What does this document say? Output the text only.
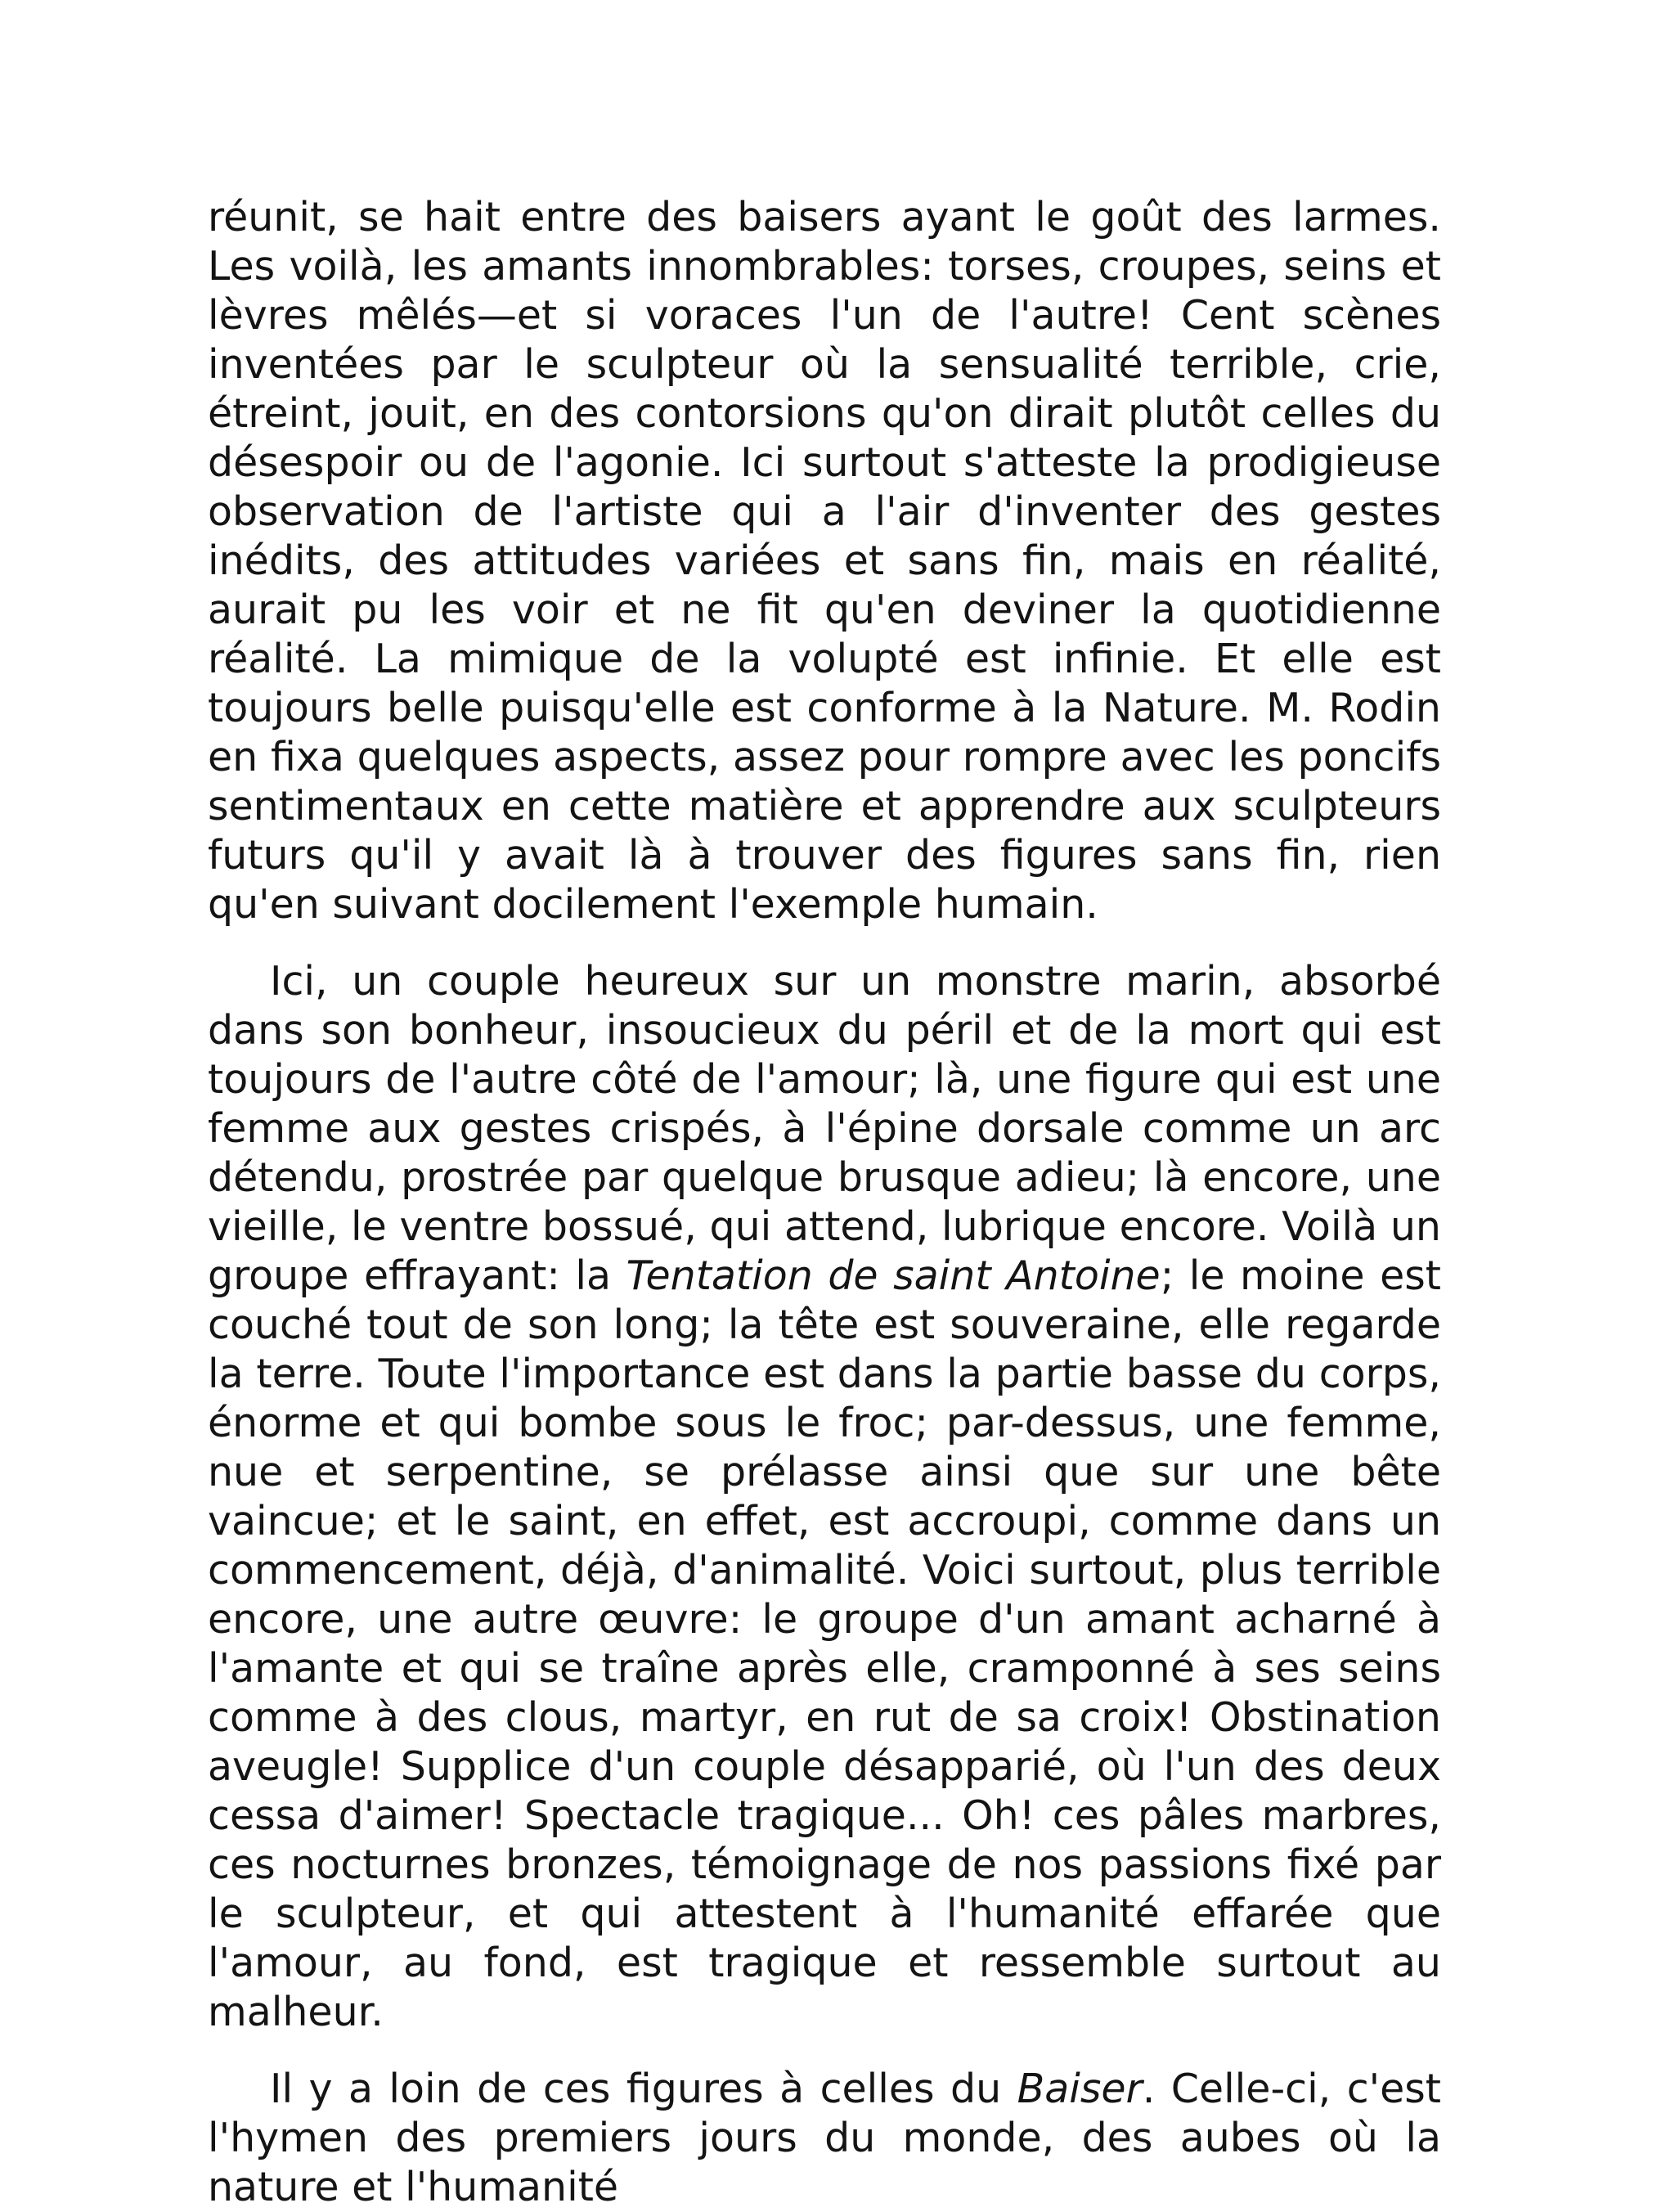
réunit, se hait entre des baisers ayant le goût des larmes. Les voilà, les amants innombrables: torses, croupes, seins et lèvres mêlés—et si voraces l'un de l'autre! Cent scènes inventées par le sculpteur où la sensualité terrible, crie, étreint, jouit, en des contorsions qu'on dirait plutôt celles du désespoir ou de l'agonie. Ici surtout s'atteste la prodigieuse observation de l'artiste qui a l'air d'inventer des gestes inédits, des attitudes variées et sans fin, mais en réalité, aurait pu les voir et ne fit qu'en deviner la quotidienne réalité. La mimique de la volupté est infinie. Et elle est toujours belle puisqu'elle est conforme à la Nature. M. Rodin en fixa quelques aspects, assez pour rompre avec les poncifs sentimentaux en cette matière et apprendre aux sculpteurs futurs qu'il y avait là à trouver des figures sans fin, rien qu'en suivant docilement l'exemple humain.

Ici, un couple heureux sur un monstre marin, absorbé dans son bonheur, insoucieux du péril et de la mort qui est toujours de l'autre côté de l'amour; là, une figure qui est une femme aux gestes crispés, à l'épine dorsale comme un arc détendu, prostrée par quelque brusque adieu; là encore, une vieille, le ventre bossué, qui attend, lubrique encore. Voilà un groupe effrayant: la Tentation de saint Antoine; le moine est couché tout de son long; la tête est souveraine, elle regarde la terre. Toute l'importance est dans la partie basse du corps, énorme et qui bombe sous le froc; par-dessus, une femme, nue et serpentine, se prélasse ainsi que sur une bête vaincue; et le saint, en effet, est accroupi, comme dans un commencement, déjà, d'animalité. Voici surtout, plus terrible encore, une autre œuvre: le groupe d'un amant acharné à l'amante et qui se traîne après elle, cramponné à ses seins comme à des clous, martyr, en rut de sa croix! Obstination aveugle! Supplice d'un couple désapparié, où l'un des deux cessa d'aimer! Spectacle tragique... Oh! ces pâles marbres, ces nocturnes bronzes, témoignage de nos passions fixé par le sculpteur, et qui attestent à l'humanité effarée que l'amour, au fond, est tragique et ressemble surtout au malheur.

Il y a loin de ces figures à celles du Baiser. Celle-ci, c'est l'hymen des premiers jours du monde, des aubes où la nature et l'humanité
